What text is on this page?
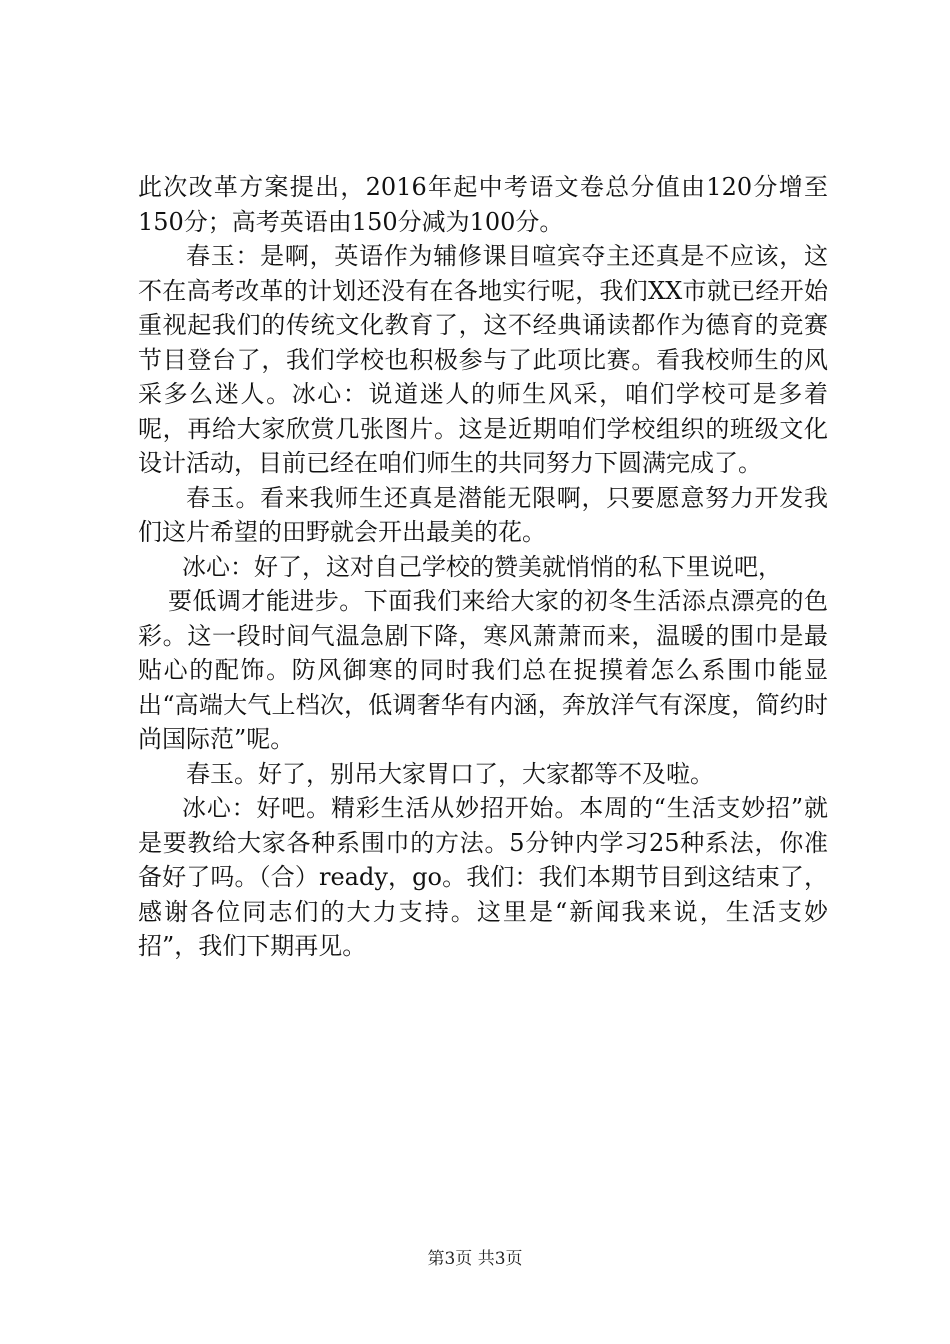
此次改革方案提出，2016年起中考语文卷总分值由120分增至150分；高考英语由150分减为100分。

春玉：是啊，英语作为辅修课目喧宾夺主还真是不应该，这不在高考改革的计划还没有在各地实行呢，我们XX市就已经开始重视起我们的传统文化教育了，这不经典诵读都作为德育的竞赛节目登台了，我们学校也积极参与了此项比赛。看我校师生的风采多么迷人。冰心：说道迷人的师生风采，咱们学校可是多着呢，再给大家欣赏几张图片。这是近期咱们学校组织的班级文化设计活动，目前已经在咱们师生的共同努力下圆满完成了。

春玉。看来我师生还真是潜能无限啊，只要愿意努力开发我们这片希望的田野就会开出最美的花。

冰心：好了，这对自己学校的赞美就悄悄的私下里说吧，

要低调才能进步。下面我们来给大家的初冬生活添点漂亮的色彩。这一段时间气温急剧下降，寒风萧萧而来，温暖的围巾是最贴心的配饰。防风御寒的同时我们总在捉摸着怎么系围巾能显出“高端大气上档次，低调奢华有内涵，奔放洋气有深度，简约时尚国际范”呢。

春玉。好了，别吊大家胃口了，大家都等不及啦。

冰心：好吧。精彩生活从妙招开始。本周的“生活支妙招”就是要教给大家各种系围巾的方法。5分钟内学习25种系法，你准备好了吗。（合）ready，go。我们：我们本期节目到这结束了，感谢各位同志们的大力支持。这里是“新闻我来说，生活支妙招”，我们下期再见。

第3页 共3页
